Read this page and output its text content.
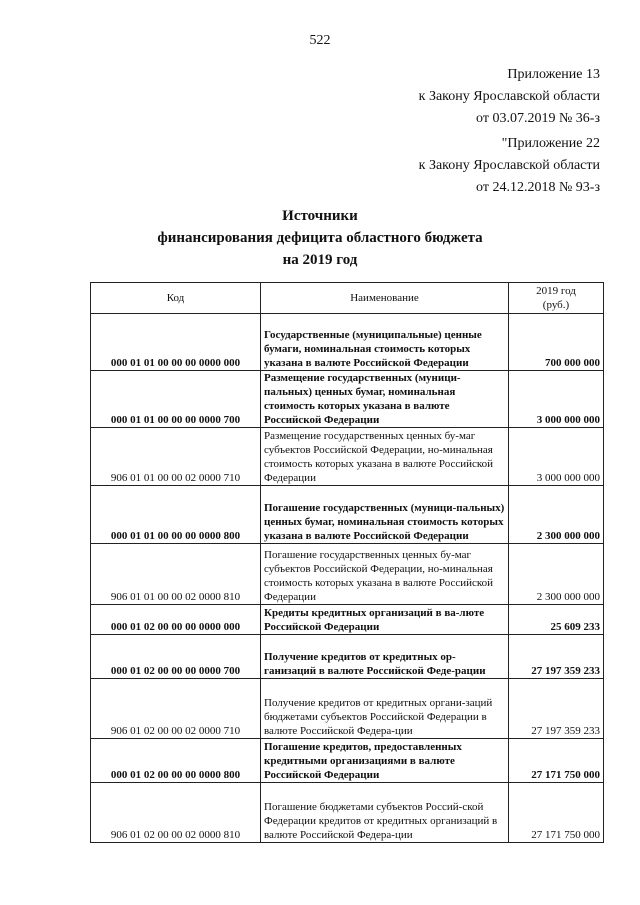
522
Приложение 13
к Закону Ярославской области
от 03.07.2019 № 36-з
"Приложение 22
к Закону Ярославской области
от 24.12.2018 № 93-з
Источники
финансирования дефицита областного бюджета
на 2019 год
Код	Наименование	2019 год (руб.)
000 01 01 00 00 00 0000 000	Государственные (муниципальные) ценные бумаги, номинальная стоимость которых указана в валюте Российской Федерации	700 000 000
000 01 01 00 00 00 0000 700	Размещение государственных (муници-пальных) ценных бумаг, номинальная стоимость которых указана в валюте Российской Федерации	3 000 000 000
906 01 01 00 00 02 0000 710	Размещение государственных ценных бу-маг субъектов Российской Федерации, но-минальная стоимость которых указана в валюте Российской Федерации	3 000 000 000
000 01 01 00 00 00 0000 800	Погашение государственных (муници-пальных) ценных бумаг, номинальная стоимость которых указана в валюте Российской Федерации	2 300 000 000
906 01 01 00 00 02 0000 810	Погашение государственных ценных бу-маг субъектов Российской Федерации, но-минальная стоимость которых указана в валюте Российской Федерации	2 300 000 000
000 01 02 00 00 00 0000 000	Кредиты кредитных организаций в ва-люте Российской Федерации	25 609 233
000 01 02 00 00 00 0000 700	Получение кредитов от кредитных ор-ганизаций в валюте Российской Феде-рации	27 197 359 233
906 01 02 00 00 02 0000 710	Получение кредитов от кредитных органи-заций бюджетами субъектов Российской Федерации в валюте Российской Федера-ции	27 197 359 233
000 01 02 00 00 00 0000 800	Погашение кредитов, предоставленных кредитными организациями в валюте Российской Федерации	27 171 750 000
906 01 02 00 00 02 0000 810	Погашение бюджетами субъектов Россий-ской Федерации кредитов от кредитных организаций в валюте Российской Федера-ции	27 171 750 000
